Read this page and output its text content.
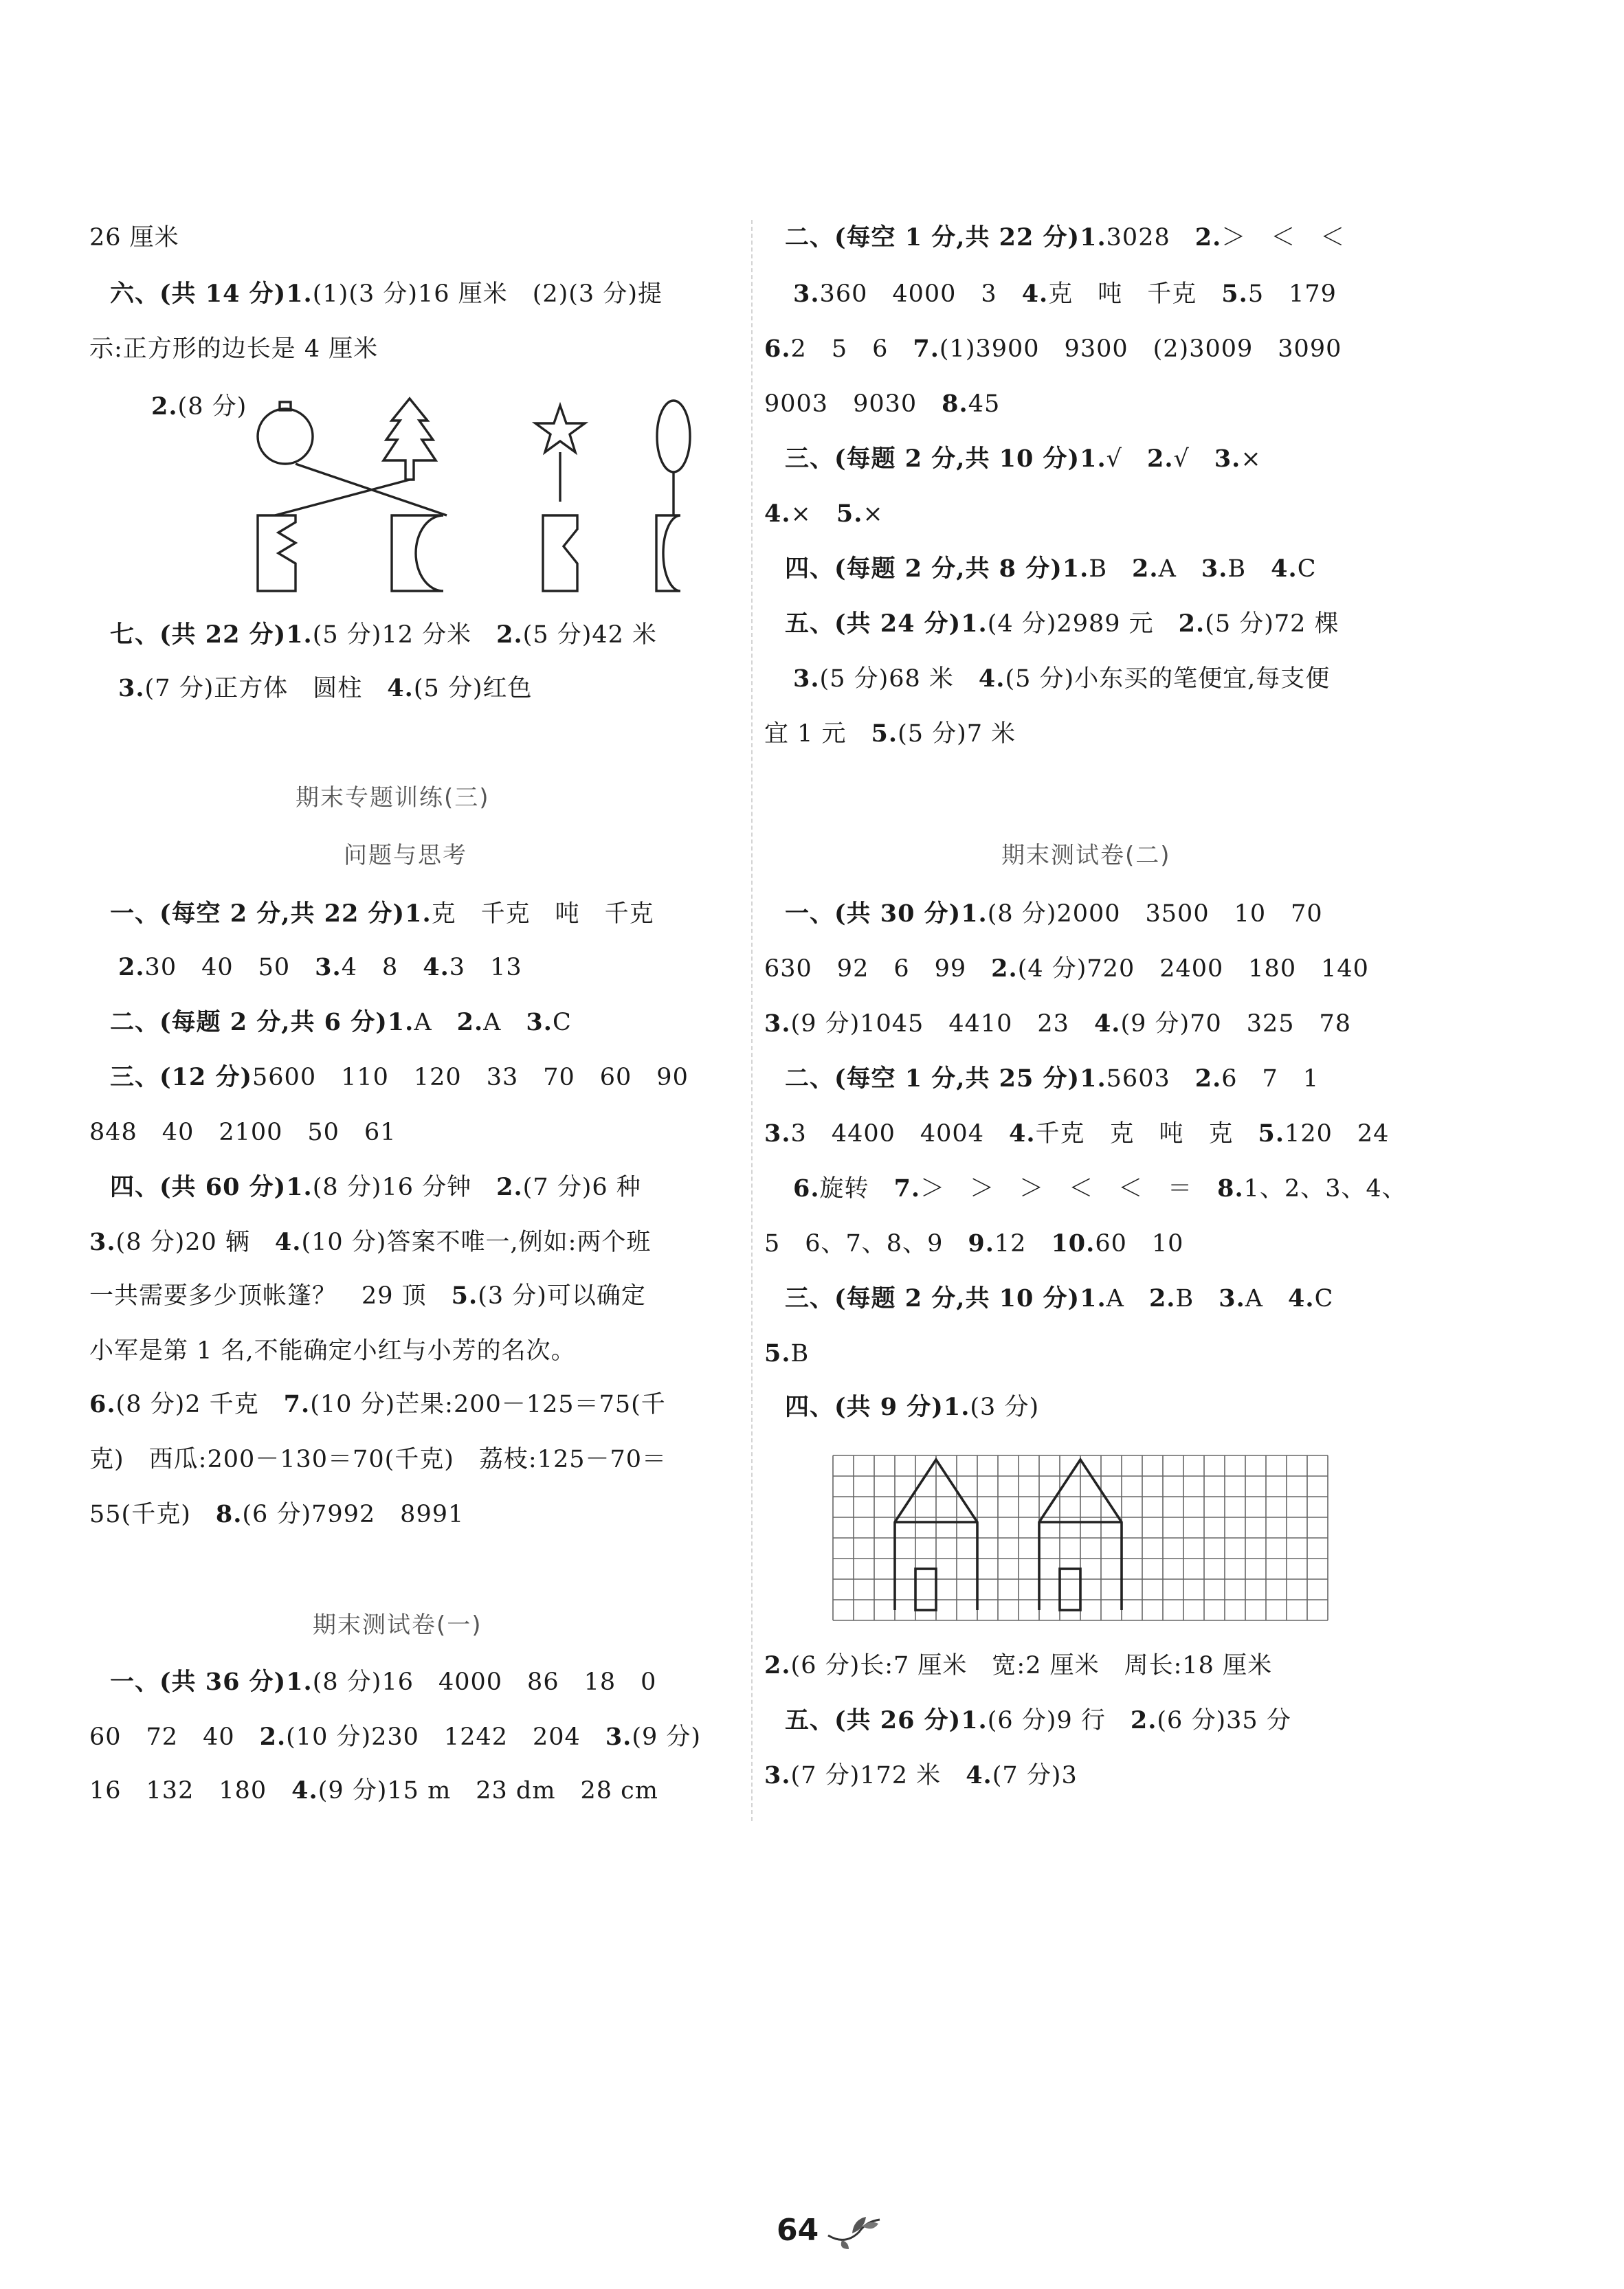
26 厘米
六、(共 14 分)1.(1)(3 分)16 厘米　(2)(3 分)提
示:正方形的边长是 4 厘米
2.(8 分)
七、(共 22 分)1.(5 分)12 分米　2.(5 分)42 米
3.(7 分)正方体　圆柱　4.(5 分)红色
期末专题训练(三)
问题与思考
一、(每空 2 分,共 22 分)1.克　千克　吨　千克
2.30　40　50　3.4　8　4.3　13
二、(每题 2 分,共 6 分)1.A　2.A　3.C
三、(12 分)5600　110　120　33　70　60　90
848　40　2100　50　61
四、(共 60 分)1.(8 分)16 分钟　2.(7 分)6 种
3.(8 分)20 辆　4.(10 分)答案不唯一,例如:两个班
一共需要多少顶帐篷？　29 顶　5.(3 分)可以确定
小军是第 1 名,不能确定小红与小芳的名次。
6.(8 分)2 千克　7.(10 分)芒果:200－125＝75(千
克)　西瓜:200－130＝70(千克)　荔枝:125－70＝
55(千克)　8.(6 分)7992　8991
期末测试卷(一)
一、(共 36 分)1.(8 分)16　4000　86　18　0
60　72　40　2.(10 分)230　1242　204　3.(9 分)
16　132　180　4.(9 分)15 m　23 dm　28 cm
二、(每空 1 分,共 22 分)1.3028　2.＞　＜　＜
3.360　4000　3　4.克　吨　千克　5.5　179
6.2　5　6　7.(1)3900　9300　(2)3009　3090
9003　9030　8.45
三、(每题 2 分,共 10 分)1.√　2.√　3.×
4.×　5.×
四、(每题 2 分,共 8 分)1.B　2.A　3.B　4.C
五、(共 24 分)1.(4 分)2989 元　2.(5 分)72 棵
3.(5 分)68 米　4.(5 分)小东买的笔便宜,每支便
宜 1 元　5.(5 分)7 米
期末测试卷(二)
一、(共 30 分)1.(8 分)2000　3500　10　70
630　92　6　99　2.(4 分)720　2400　180　140
3.(9 分)1045　4410　23　4.(9 分)70　325　78
二、(每空 1 分,共 25 分)1.5603　2.6　7　1
3.3　4400　4004　4.千克　克　吨　克　5.120　24
6.旋转　7.＞　＞　＞　＜　＜　＝　8.1、2、3、4、
5　6、7、8、9　9.12　10.60　10
三、(每题 2 分,共 10 分)1.A　2.B　3.A　4.C
5.B
四、(共 9 分)1.(3 分)
2.(6 分)长:7 厘米　宽:2 厘米　周长:18 厘米
五、(共 26 分)1.(6 分)9 行　2.(6 分)35 分
3.(7 分)172 米　4.(7 分)3
64
